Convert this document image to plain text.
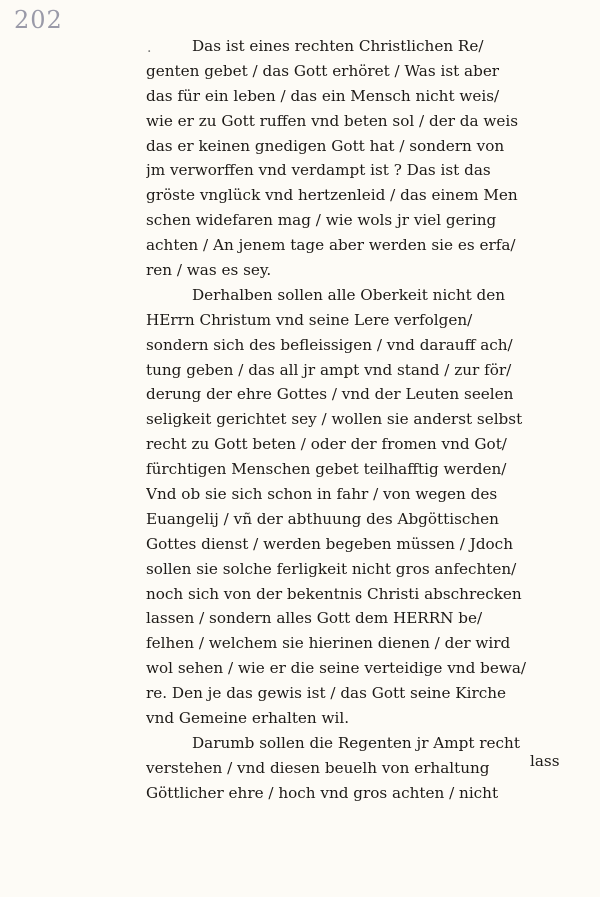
202
·	Das ist eines rechten Christlichen Re/
genten gebet / das Gott erhöret / Was ist aber
das für ein leben / das ein Mensch nicht weis/
wie er zu Gott ruffen vnd beten sol / der da weis
das er keinen gnedigen Gott hat / sondern von
jm verworffen vnd verdampt ist ? Das ist das
gröste vnglück vnd hertzenleid / das einem Men
schen widefaren mag / wie wols jr viel gering
achten / An jenem tage aber werden sie es erfa/
ren / was es sey.
Derhalben sollen alle Oberkeit nicht den
HErrn Christum vnd seine Lere verfolgen/
sondern sich des befleissigen / vnd darauff ach/
tung geben / das all jr ampt vnd stand / zur för/
derung der ehre Gottes / vnd der Leuten seelen
seligkeit gerichtet sey / wollen sie anderst selbst
recht zu Gott beten / oder der fromen vnd Got/
fürchtigen Menschen gebet teilhafftig werden/
Vnd ob sie sich schon in fahr / von wegen des
Euangelij / vñ der abthuung des Abgöttischen
Gottes dienst / werden begeben müssen / Jdoch
sollen sie solche ferligkeit nicht gros anfechten/
noch sich von der bekentnis Christi abschrecken
lassen / sondern alles Gott dem HERRN be/
felhen / welchem sie hierinen dienen / der wird
wol sehen / wie er die seine verteidige vnd bewa/
re. Den je das gewis ist / das Gott seine Kirche
vnd Gemeine erhalten wil.
Darumb sollen die Regenten jr Ampt recht
verstehen / vnd diesen beuelh von erhaltung
Göttlicher ehre / hoch vnd gros achten / nicht
lass
